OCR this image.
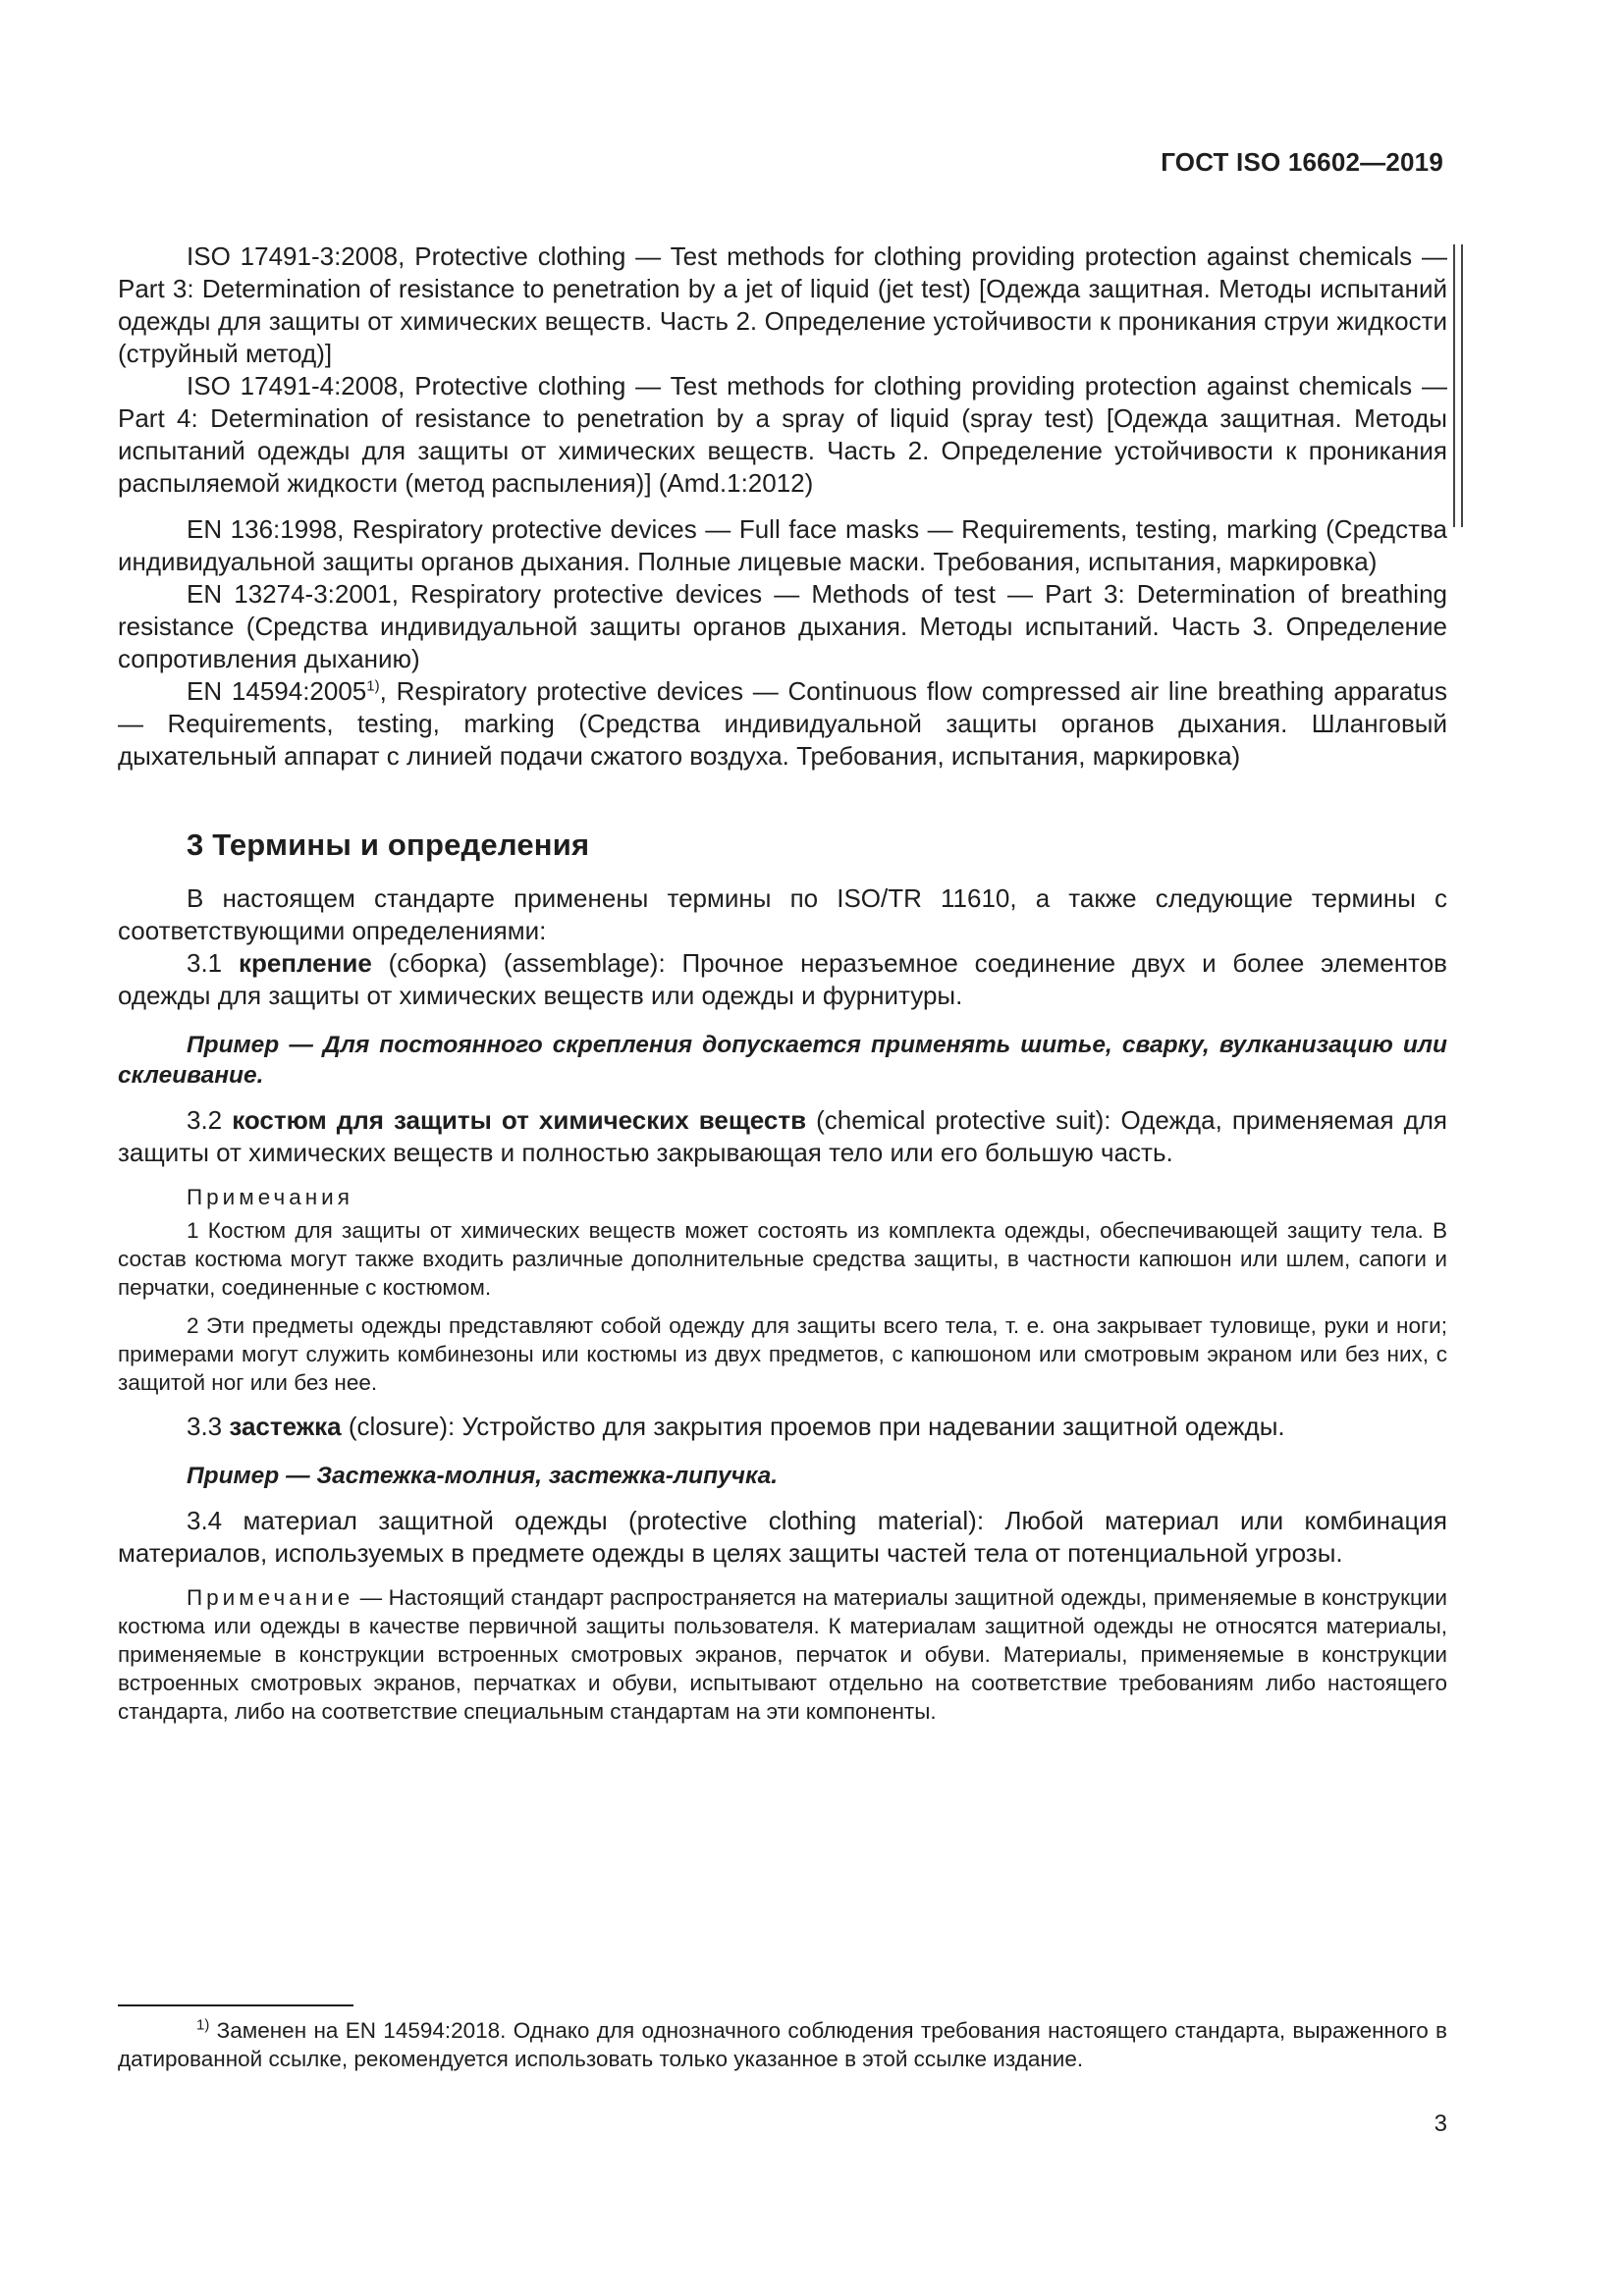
ГОСТ ISO 16602—2019

ISO 17491-3:2008, Protective clothing — Test methods for clothing providing protection against chemicals — Part 3: Determination of resistance to penetration by a jet of liquid (jet test) [Одежда защитная. Методы испытаний одежды для защиты от химических веществ. Часть 2. Определение устойчивости к проникания струи жидкости (струйный метод)]

ISO 17491-4:2008, Protective clothing — Test methods for clothing providing protection against chemicals — Part 4: Determination of resistance to penetration by a spray of liquid (spray test) [Одежда защитная. Методы испытаний одежды для защиты от химических веществ. Часть 2. Определение устойчивости к проникания распыляемой жидкости (метод распыления)] (Amd.1:2012)

EN 136:1998, Respiratory protective devices — Full face masks — Requirements, testing, marking (Средства индивидуальной защиты органов дыхания. Полные лицевые маски. Требования, испытания, маркировка)

EN 13274-3:2001, Respiratory protective devices — Methods of test — Part 3: Determination of breathing resistance (Средства индивидуальной защиты органов дыхания. Методы испытаний. Часть 3. Определение сопротивления дыханию)

EN 14594:2005$^{1)}$, Respiratory protective devices — Continuous flow compressed air line breathing apparatus — Requirements, testing, marking (Средства индивидуальной защиты органов дыхания. Шланговый дыхательный аппарат с линией подачи сжатого воздуха. Требования, испытания, маркировка)

3 Термины и определения

В настоящем стандарте применены термины по ISO/TR 11610, а также следующие термины с соответствующими определениями:

3.1 крепление (сборка) (assemblage): Прочное неразъемное соединение двух и более элементов одежды для защиты от химических веществ или одежды и фурнитуры.

Пример — Для постоянного скрепления допускается применять шитье, сварку, вулканизацию или склеивание.

3.2 костюм для защиты от химических веществ (chemical protective suit): Одежда, применяемая для защиты от химических веществ и полностью закрывающая тело или его большую часть.

Примечания

1 Костюм для защиты от химических веществ может состоять из комплекта одежды, обеспечивающей защиту тела. В состав костюма могут также входить различные дополнительные средства защиты, в частности капюшон или шлем, сапоги и перчатки, соединенные с костюмом.

2 Эти предметы одежды представляют собой одежду для защиты всего тела, т. е. она закрывает туловище, руки и ноги; примерами могут служить комбинезоны или костюмы из двух предметов, с капюшоном или смотровым экраном или без них, с защитой ног или без нее.

3.3 застежка (closure): Устройство для закрытия проемов при надевании защитной одежды.

Пример — Застежка-молния, застежка-липучка.

3.4 материал защитной одежды (protective clothing material): Любой материал или комбинация материалов, используемых в предмете одежды в целях защиты частей тела от потенциальной угрозы.

Примечание — Настоящий стандарт распространяется на материалы защитной одежды, применяемые в конструкции костюма или одежды в качестве первичной защиты пользователя. К материалам защитной одежды не относятся материалы, применяемые в конструкции встроенных смотровых экранов, перчаток и обуви. Материалы, применяемые в конструкции встроенных смотровых экранов, перчатках и обуви, испытывают отдельно на соответствие требованиям либо настоящего стандарта, либо на соответствие специальным стандартам на эти компоненты.

$^{1)}$ Заменен на EN 14594:2018. Однако для однозначного соблюдения требования настоящего стандарта, выраженного в датированной ссылке, рекомендуется использовать только указанное в этой ссылке издание.

3
